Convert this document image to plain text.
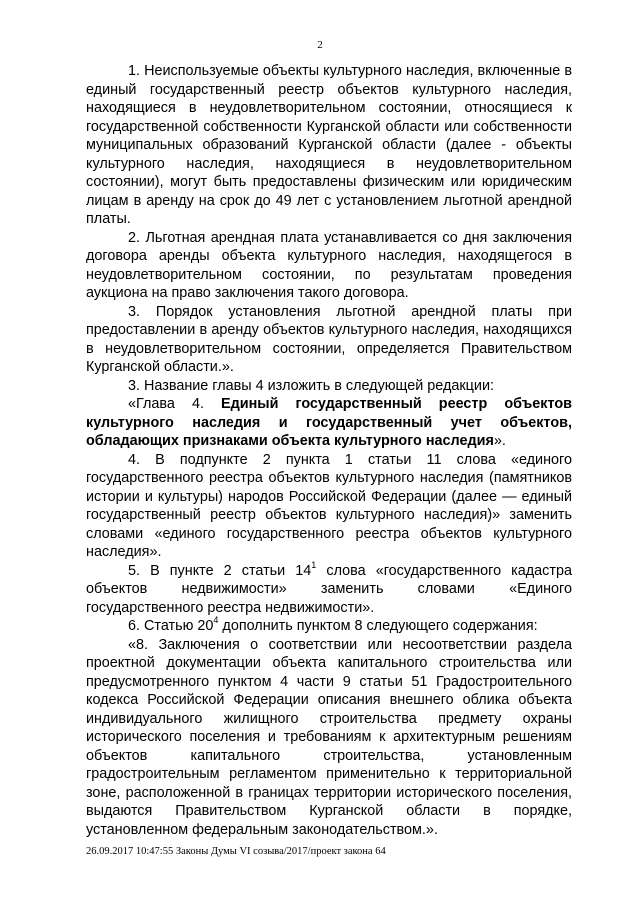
2

1. Неиспользуемые объекты культурного наследия, включенные в единый государственный реестр объектов культурного наследия, находящиеся в неудовлетворительном состоянии, относящиеся к государственной собственности Курганской области или собственности муниципальных образований Курганской области (далее - объекты культурного наследия, находящиеся в неудовлетворительном состоянии), могут быть предоставлены физическим или юридическим лицам в аренду на срок до 49 лет с установлением льготной арендной платы.

2. Льготная арендная плата устанавливается со дня заключения договора аренды объекта культурного наследия, находящегося в неудовлетворительном состоянии, по результатам проведения аукциона на право заключения такого договора.

3. Порядок установления льготной арендной платы при предоставлении в аренду объектов культурного наследия, находящихся в неудовлетворительном состоянии, определяется Правительством Курганской области.».

3. Название главы 4 изложить в следующей редакции:

«Глава 4. Единый государственный реестр объектов культурного наследия и государственный учет объектов, обладающих признаками объекта культурного наследия».

4. В подпункте 2 пункта 1 статьи 11 слова «единого государственного реестра объектов культурного наследия (памятников истории и культуры) народов Российской Федерации (далее — единый государственный реестр объектов культурного наследия)» заменить словами «единого государственного реестра объектов культурного наследия».

5. В пункте 2 статьи $14^1$ слова «государственного кадастра объектов недвижимости» заменить словами «Единого государственного реестра недвижимости».

6. Статью $20^4$ дополнить пунктом 8 следующего содержания:

«8. Заключения о соответствии или несоответствии раздела проектной документации объекта капитального строительства или предусмотренного пунктом 4 части 9 статьи 51 Градостроительного кодекса Российской Федерации описания внешнего облика объекта индивидуального жилищного строительства предмету охраны исторического поселения и требованиям к архитектурным решениям объектов капитального строительства, установленным градостроительным регламентом применительно к территориальной зоне, расположенной в границах территории исторического поселения, выдаются Правительством Курганской области в порядке, установленном федеральным законодательством.».

26.09.2017 10:47:55 Законы Думы VI созыва/2017/проект закона 64
